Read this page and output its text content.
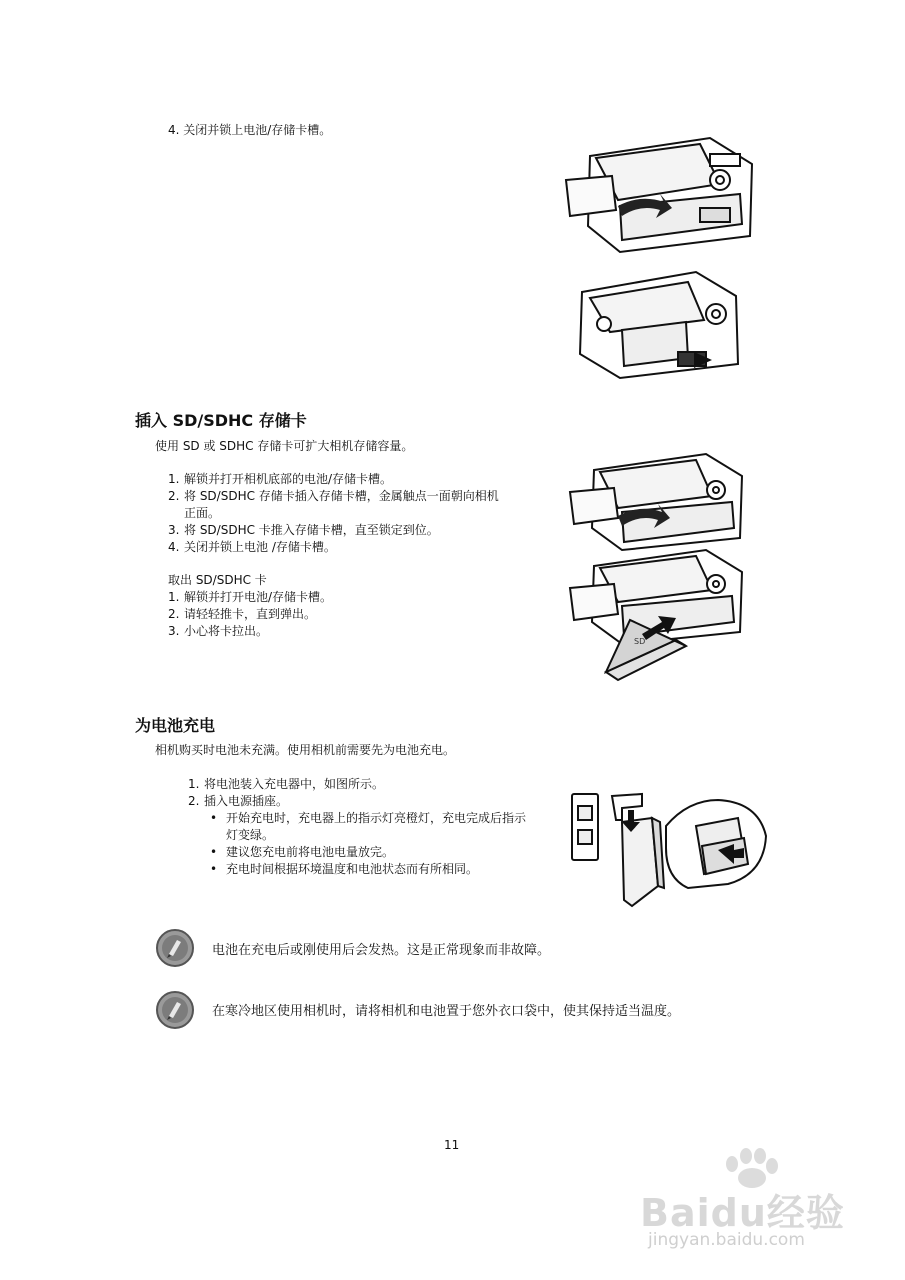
4. 关闭并锁上电池/存储卡槽。
插入 SD/SDHC 存储卡
使用 SD 或 SDHC 存储卡可扩大相机存储容量。
1. 解锁并打开相机底部的电池/存储卡槽。
2. 将 SD/SDHC 存储卡插入存储卡槽，金属触点一面朝向相机
正面。
3. 将 SD/SDHC 卡推入存储卡槽，直至锁定到位。
4. 关闭并锁上电池 /存储卡槽。
取出 SD/SDHC 卡
1. 解锁并打开电池/存储卡槽。
2. 请轻轻推卡，直到弹出。
3. 小心将卡拉出。
SD
为电池充电
相机购买时电池未充满。使用相机前需要先为电池充电。
1. 将电池装入充电器中，如图所示。
2. 插入电源插座。
• 开始充电时，充电器上的指示灯亮橙灯，充电完成后指示
灯变绿。
• 建议您充电前将电池电量放完。
• 充电时间根据环境温度和电池状态而有所相同。
电池在充电后或刚使用后会发热。这是正常现象而非故障。
在寒冷地区使用相机时，请将相机和电池置于您外衣口袋中，使其保持适当温度。
11
Baidu经验
jingyan.baidu.com
